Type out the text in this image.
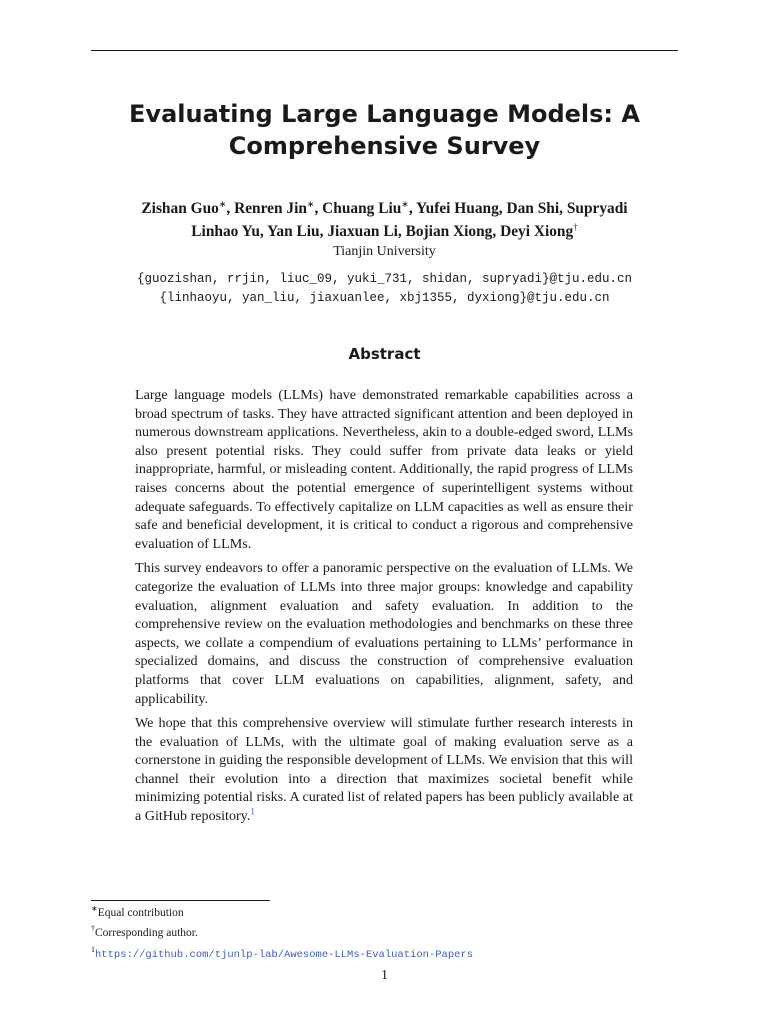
Evaluating Large Language Models: A Comprehensive Survey
Zishan Guo∗, Renren Jin∗, Chuang Liu∗, Yufei Huang, Dan Shi, Supryadi
Linhao Yu, Yan Liu, Jiaxuan Li, Bojian Xiong, Deyi Xiong†
Tianjin University
{guozishan, rrjin, liuc_09, yuki_731, shidan, supryadi}@tju.edu.cn
{linhaoyu, yan_liu, jiaxuanlee, xbj1355, dyxiong}@tju.edu.cn
Abstract

Large language models (LLMs) have demonstrated remarkable capabilities across a broad spectrum of tasks. They have attracted significant attention and been deployed in numerous downstream applications. Nevertheless, akin to a double-edged sword, LLMs also present potential risks. They could suffer from private data leaks or yield inappropriate, harmful, or misleading content. Additionally, the rapid progress of LLMs raises concerns about the potential emergence of superintelligent systems without adequate safeguards. To effectively capitalize on LLM capacities as well as ensure their safe and beneficial development, it is critical to conduct a rigorous and comprehensive evaluation of LLMs.

This survey endeavors to offer a panoramic perspective on the evaluation of LLMs. We categorize the evaluation of LLMs into three major groups: knowledge and capability evaluation, alignment evaluation and safety evaluation. In addition to the comprehensive review on the evaluation methodologies and benchmarks on these three aspects, we collate a compendium of evaluations pertaining to LLMs’ performance in specialized domains, and discuss the construction of comprehensive evaluation platforms that cover LLM evaluations on capabilities, alignment, safety, and applicability.

We hope that this comprehensive overview will stimulate further research interests in the evaluation of LLMs, with the ultimate goal of making evaluation serve as a cornerstone in guiding the responsible development of LLMs. We envision that this will channel their evolution into a direction that maximizes societal benefit while minimizing potential risks. A curated list of related papers has been publicly available at a GitHub repository.$^1$

∗Equal contribution
†Corresponding author.
$^1$https://github.com/tjunlp-lab/Awesome-LLMs-Evaluation-Papers
1
